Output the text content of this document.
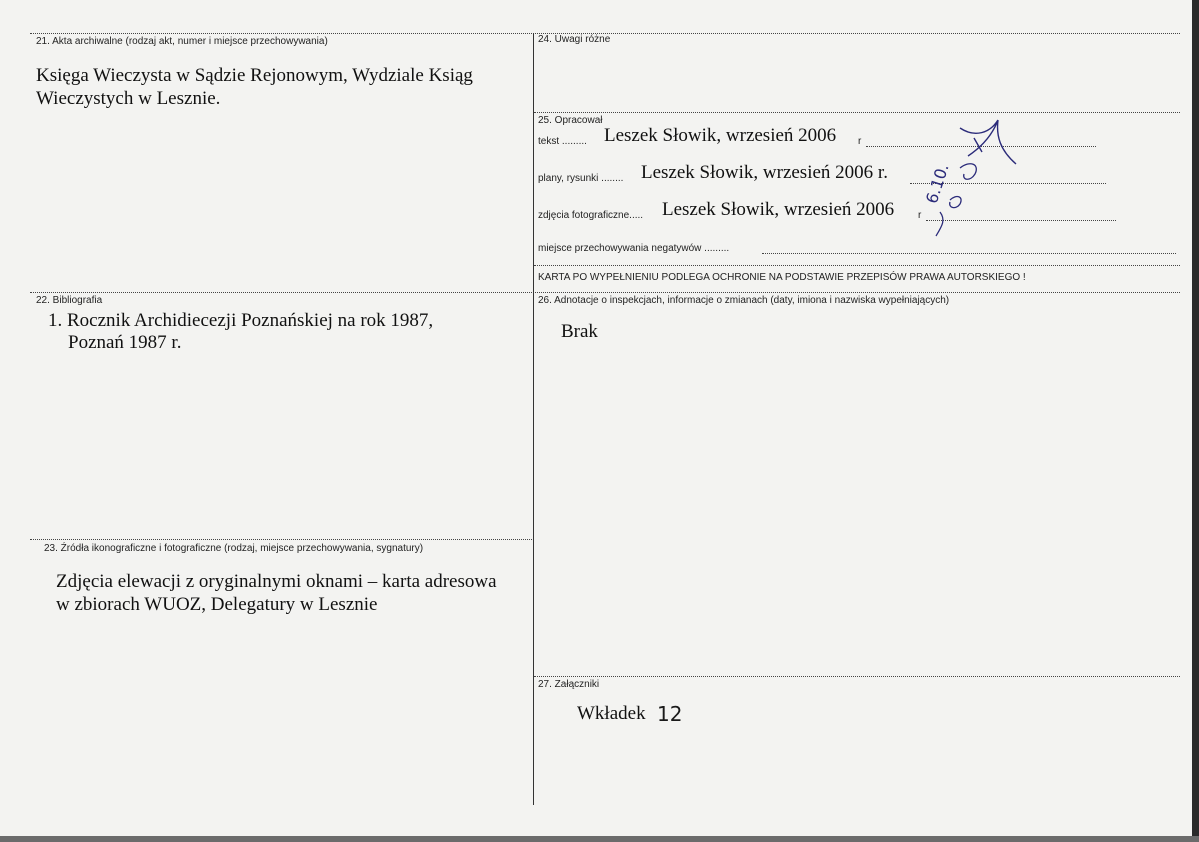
21. Akta archiwalne (rodzaj akt, numer i miejsce przechowywania)
Księga Wieczysta w Sądzie Rejonowym, Wydziale Ksiąg
Wieczystych w Lesznie.
22. Bibliografia
1. Rocznik Archidiecezji Poznańskiej na rok 1987,
Poznań 1987 r.
23. Źródła ikonograficzne i fotograficzne (rodzaj, miejsce przechowywania, sygnatury)
Zdjęcia elewacji z oryginalnymi oknami – karta adresowa
w zbiorach WUOZ, Delegatury w Lesznie
24. Uwagi różne
25. Opracował
tekst ......... Leszek Słowik, wrzesień 2006 r
plany, rysunki ........ Leszek Słowik, wrzesień 2006 r.
zdjęcia fotograficzne..... Leszek Słowik, wrzesień 2006 r
miejsce przechowywania negatywów .........
KARTA PO WYPEŁNIENIU PODLEGA OCHRONIE NA PODSTAWIE PRZEPISÓW PRAWA AUTORSKIEGO !
6.10.
26. Adnotacje o inspekcjach, informacje o zmianach (daty, imiona i nazwiska wypełniających)
Brak
27. Załączniki
Wkładek 12
